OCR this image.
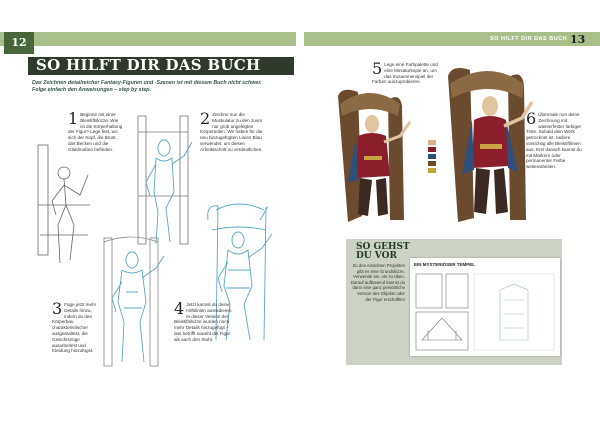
12
SO HILFT DIR DAS BUCH
Das Zeichnen detailreicher Fantasy-Figuren und -Szenen ist mit diesem Buch nicht schwer. Folge einfach den Anweisungen – step by step.
1 Beginne mit einer Bleistiftskizze. Wie ist die Körperhaltung der Figur? Lege fest, wo sich der Kopf, die Brust, das Becken und die Gliedmaßen befinden.
2 Zeichne nun die Muskulatur zu den zuvor nur grob angelegten Körperteilen. Wir haben für die neu hinzugefügten Linien Blau verwendet, um diesen Arbeitsschritt zu verdeutlichen.
3 Füge jetzt mehr Details hinzu, indem du den Körperbau charakteristischer ausgestaltest, die Gesichtszüge ausarbeitest und Kleidung hinzufügst.
4 Jetzt kannst du deine Hilfslinien ausradieren. In dieser Version der Bleistiftskizze wurden noch mehr Details hinzugefügt – das betrifft sowohl die Figur als auch den Stuhl.
SO HILFT DIR DAS BUCH 13
5 Lege eine Farbpalette und eine Miniaturkopie an, um das Zusammenspiel der Farben auszuprobieren.
6 Übermale nun deine Zeichnung mit wasserfester farbiger Tinte. Sobald dein Werk getrocknet ist, radiere vorsichtig alle Bleistiftlinien aus. Erst danach kannst du mit Markern oder permanenter Farbe weiterarbeiten.
SO GEHST
DU VOR
Zu den einzelnen Projekten gibt es eine Grundskizze. Verwende sie, um zu üben. Darauf aufbauend kannst du dann eine ganz persönliche Version des Objekts oder der Figur erschaffen!
EIN MYSTERIÖSER TEMPEL
